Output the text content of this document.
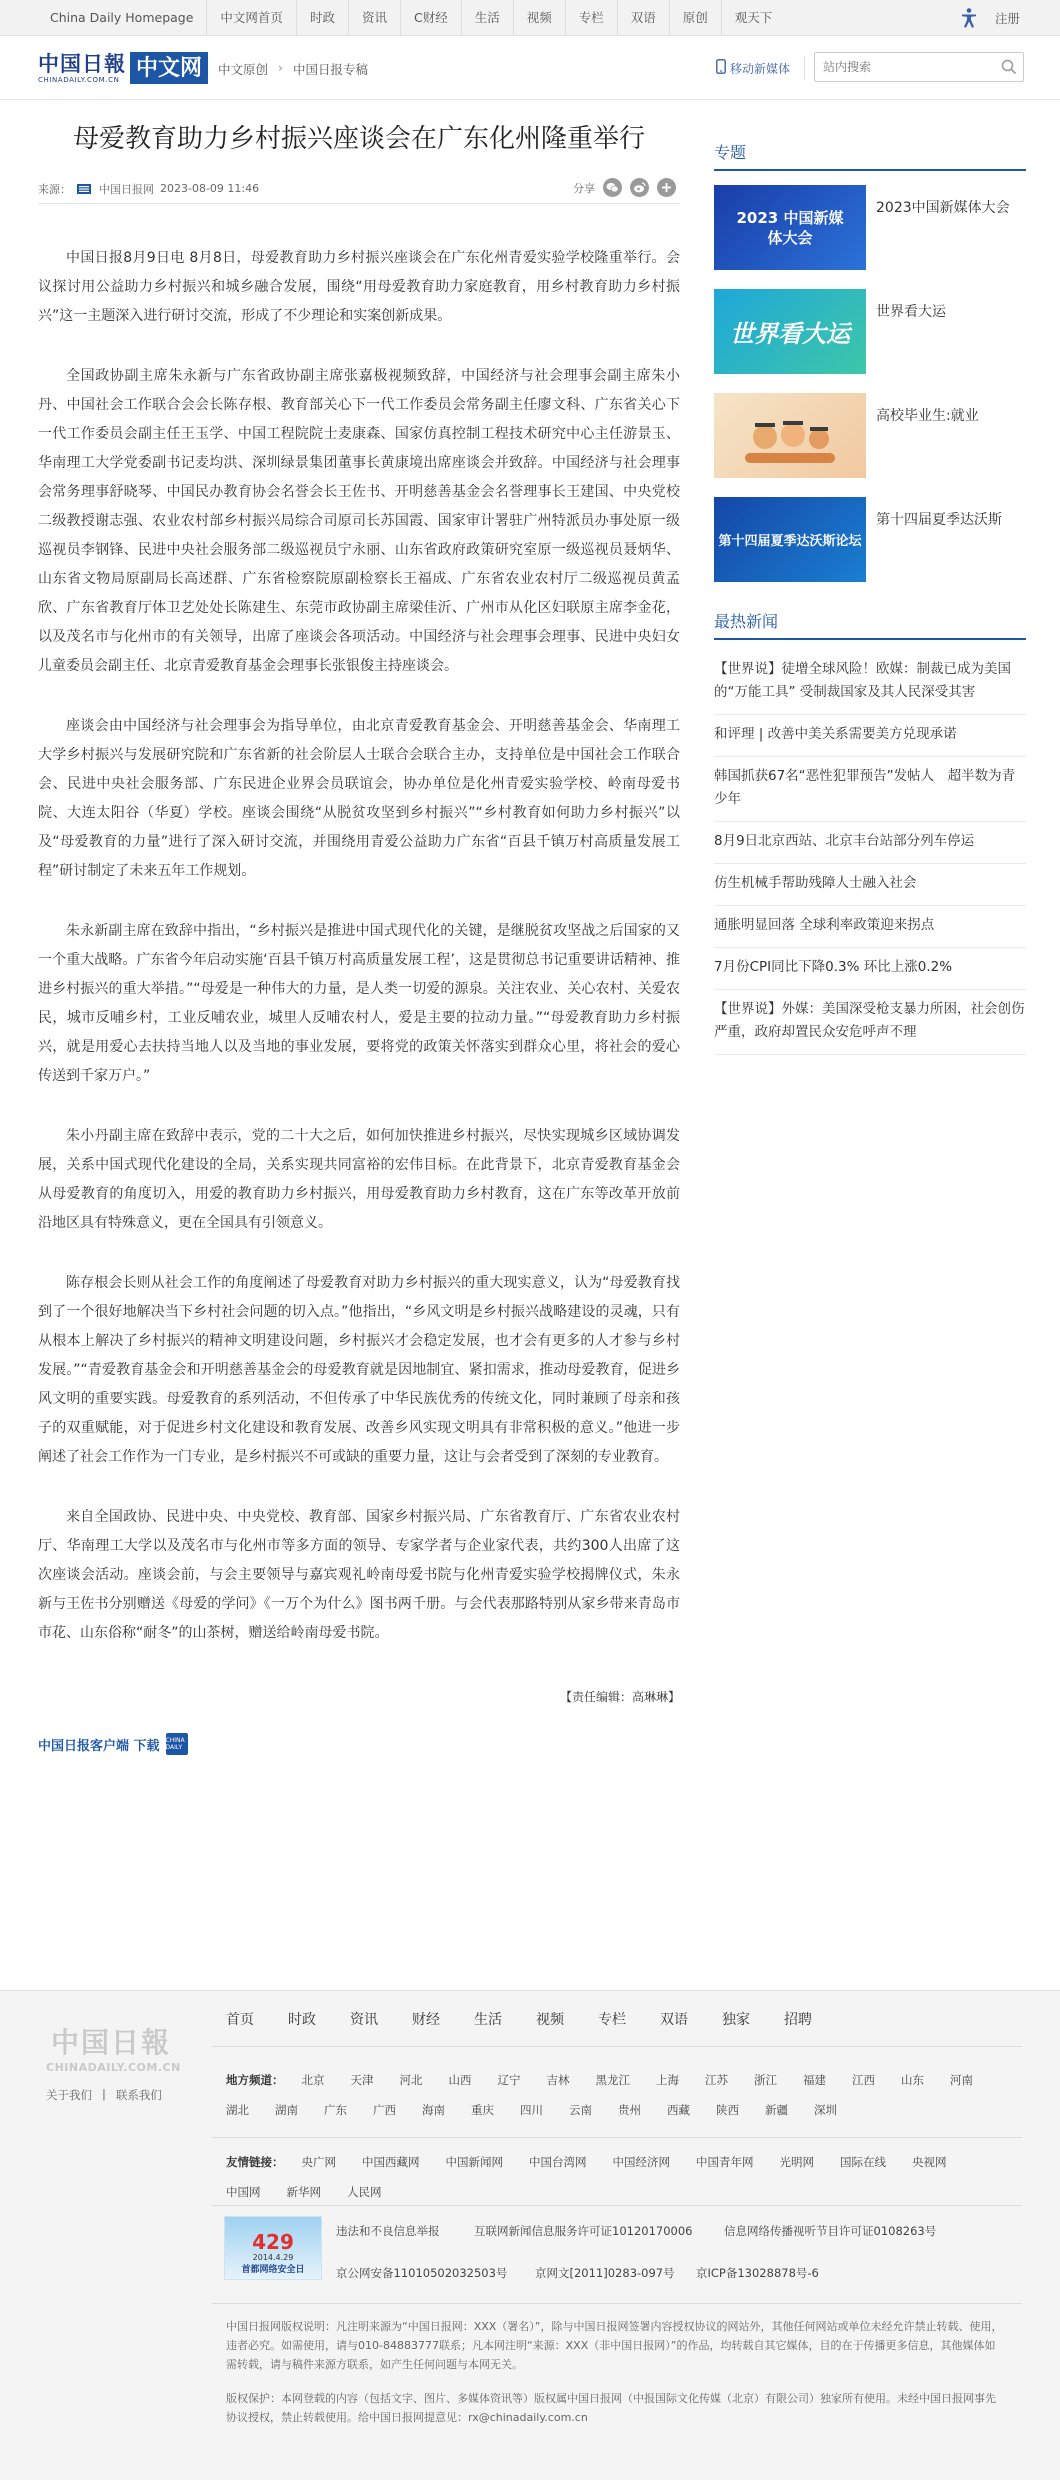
China Daily Homepage	中文网首页	时政	资讯	C财经	生活	视频	专栏	双语	原创	观天下	注册
中国日報
CHINADAILY.COM.CN 中文网	中文原创 › 中国日报专稿	移动新媒体
站内搜索
母爱教育助力乡村振兴座谈会在广东化州隆重举行
来源：	中国日报网 2023-08-09 11:46	分享

中国日报8月9日电 8月8日，母爱教育助力乡村振兴座谈会在广东化州青爱实验学校隆重举行。会议探讨用公益助力乡村振兴和城乡融合发展，围绕“用母爱教育助力家庭教育，用乡村教育助力乡村振兴”这一主题深入进行研讨交流，形成了不少理论和实案创新成果。

全国政协副主席朱永新与广东省政协副主席张嘉极视频致辞，中国经济与社会理事会副主席朱小丹、中国社会工作联合会会长陈存根、教育部关心下一代工作委员会常务副主任廖文科、广东省关心下一代工作委员会副主任王玉学、中国工程院院士麦康森、国家仿真控制工程技术研究中心主任游景玉、华南理工大学党委副书记麦均洪、深圳绿景集团董事长黄康境出席座谈会并致辞。中国经济与社会理事会常务理事舒晓琴、中国民办教育协会名誉会长王佐书、开明慈善基金会名誉理事长王建国、中央党校二级教授谢志强、农业农村部乡村振兴局综合司原司长苏国霞、国家审计署驻广州特派员办事处原一级巡视员李钢锋、民进中央社会服务部二级巡视员宁永丽、山东省政府政策研究室原一级巡视员聂炳华、山东省文物局原副局长高述群、广东省检察院原副检察长王福成、广东省农业农村厅二级巡视员黄孟欣、广东省教育厅体卫艺处处长陈建生、东莞市政协副主席梁佳沂、广州市从化区妇联原主席李金花，以及茂名市与化州市的有关领导，出席了座谈会各项活动。中国经济与社会理事会理事、民进中央妇女儿童委员会副主任、北京青爱教育基金会理事长张银俊主持座谈会。

座谈会由中国经济与社会理事会为指导单位，由北京青爱教育基金会、开明慈善基金会、华南理工大学乡村振兴与发展研究院和广东省新的社会阶层人士联合会联合主办，支持单位是中国社会工作联合会、民进中央社会服务部、广东民进企业界会员联谊会，协办单位是化州青爱实验学校、岭南母爱书院、大连太阳谷（华夏）学校。座谈会围绕“从脱贫攻坚到乡村振兴”“乡村教育如何助力乡村振兴”以及“母爱教育的力量”进行了深入研讨交流，并围绕用青爱公益助力广东省“百县千镇万村高质量发展工程”研讨制定了未来五年工作规划。

朱永新副主席在致辞中指出，“乡村振兴是推进中国式现代化的关键，是继脱贫攻坚战之后国家的又一个重大战略。广东省今年启动实施‘百县千镇万村高质量发展工程’，这是贯彻总书记重要讲话精神、推进乡村振兴的重大举措。”“母爱是一种伟大的力量，是人类一切爱的源泉。关注农业、关心农村、关爱农民，城市反哺乡村，工业反哺农业，城里人反哺农村人，爱是主要的拉动力量。”“母爱教育助力乡村振兴，就是用爱心去扶持当地人以及当地的事业发展，要将党的政策关怀落实到群众心里，将社会的爱心传送到千家万户。”

朱小丹副主席在致辞中表示，党的二十大之后，如何加快推进乡村振兴，尽快实现城乡区域协调发展，关系中国式现代化建设的全局，关系实现共同富裕的宏伟目标。在此背景下，北京青爱教育基金会从母爱教育的角度切入，用爱的教育助力乡村振兴，用母爱教育助力乡村教育，这在广东等改革开放前沿地区具有特殊意义，更在全国具有引领意义。

陈存根会长则从社会工作的角度阐述了母爱教育对助力乡村振兴的重大现实意义，认为“母爱教育找到了一个很好地解决当下乡村社会问题的切入点。”他指出，“乡风文明是乡村振兴战略建设的灵魂，只有从根本上解决了乡村振兴的精神文明建设问题，乡村振兴才会稳定发展，也才会有更多的人才参与乡村发展。”“青爱教育基金会和开明慈善基金会的母爱教育就是因地制宜、紧扣需求，推动母爱教育，促进乡风文明的重要实践。母爱教育的系列活动，不但传承了中华民族优秀的传统文化，同时兼顾了母亲和孩子的双重赋能，对于促进乡村文化建设和教育发展、改善乡风实现文明具有非常积极的意义。”他进一步阐述了社会工作作为一门专业，是乡村振兴不可或缺的重要力量，这让与会者受到了深刻的专业教育。

来自全国政协、民进中央、中央党校、教育部、国家乡村振兴局、广东省教育厅、广东省农业农村厅、华南理工大学以及茂名市与化州市等多方面的领导、专家学者与企业家代表，共约300人出席了这次座谈会活动。座谈会前，与会主要领导与嘉宾观礼岭南母爱书院与化州青爱实验学校揭牌仪式，朱永新与王佐书分别赠送《母爱的学问》《一万个为什么》图书两千册。与会代表那路特别从家乡带来青岛市市花、山东俗称“耐冬”的山茶树，赠送给岭南母爱书院。

【责任编辑：高琳琳】
中国日报客户端 下载 CHINA DAILY
专题
2023 中国新媒体大会
2023中国新媒体大会
世界看大运
世界看大运
高校毕业生:就业
第十四届夏季达沃斯论坛
第十四届夏季达沃斯
最热新闻
【世界说】徒增全球风险！欧媒：制裁已成为美国的“万能工具” 受制裁国家及其人民深受其害
和评理 | 改善中美关系需要美方兑现承诺
韩国抓获67名“恶性犯罪预告”发帖人　超半数为青少年
8月9日北京西站、北京丰台站部分列车停运
仿生机械手帮助残障人士融入社会
通胀明显回落 全球利率政策迎来拐点
7月份CPI同比下降0.3% 环比上涨0.2%
【世界说】外媒：美国深受枪支暴力所困，社会创伤严重，政府却置民众安危呼声不理
中国日報
CHINADAILY.COM.CN
关于我们 | 联系我们
首页 时政 资讯 财经 生活 视频 专栏 双语 独家 招聘
地方频道： 北京 天津 河北 山西 辽宁 吉林 黑龙江 上海 江苏 浙江 福建 江西 山东 河南
湖北 湖南 广东 广西 海南 重庆 四川 云南 贵州 西藏 陕西 新疆 深圳
友情链接： 央广网 中国西藏网 中国新闻网 中国台湾网 中国经济网 中国青年网 光明网 国际在线 央视网
中国网 新华网 人民网
429
2014.4.29
首都网络安全日
违法和不良信息举报	互联网新闻信息服务许可证10120170006	信息网络传播视听节目许可证0108263号
京公网安备11010502032503号 京网文[2011]0283-097号 京ICP备13028878号-6
中国日报网版权说明：凡注明来源为“中国日报网：XXX（署名）”，除与中国日报网签署内容授权协议的网站外，其他任何网站或单位未经允许禁止转载、使用，违者必究。如需使用，请与010-84883777联系；凡本网注明“来源：XXX（非中国日报网）”的作品，均转载自其它媒体，目的在于传播更多信息，其他媒体如需转载，请与稿件来源方联系，如产生任何问题与本网无关。
版权保护：本网登载的内容（包括文字、图片、多媒体资讯等）版权属中国日报网（中报国际文化传媒（北京）有限公司）独家所有使用。未经中国日报网事先协议授权，禁止转载使用。给中国日报网提意见：rx@chinadaily.com.cn
